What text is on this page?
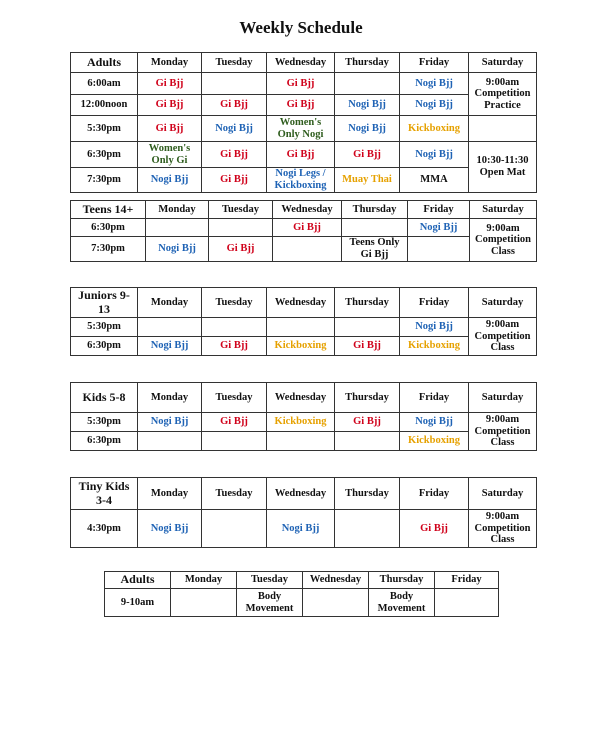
Weekly Schedule
Adults	Monday	Tuesday	Wednesday	Thursday	Friday	Saturday
6:00am	Gi Bjj		Gi Bjj		Nogi Bjj	9:00am Competition Practice
12:00noon	Gi Bjj	Gi Bjj	Gi Bjj	Nogi Bjj	Nogi Bjj	
5:30pm	Gi Bjj	Nogi Bjj	Women's Only Nogi	Nogi Bjj	Kickboxing	
6:30pm	Women's Only Gi	Gi Bjj	Gi Bjj	Gi Bjj	Nogi Bjj	10:30-11:30 Open Mat
7:30pm	Nogi Bjj	Gi Bjj	Nogi Legs / Kickboxing	Muay Thai	MMA	
Teens 14+	Monday	Tuesday	Wednesday	Thursday	Friday	Saturday
6:30pm			Gi Bjj		Nogi Bjj	9:00am Competition Class
7:30pm	Nogi Bjj	Gi Bjj		Teens Only Gi Bjj		
Juniors 9-13	Monday	Tuesday	Wednesday	Thursday	Friday	Saturday
5:30pm					Nogi Bjj	9:00am Competition Class
6:30pm	Nogi Bjj	Gi Bjj	Kickboxing	Gi Bjj	Kickboxing	
Kids 5-8	Monday	Tuesday	Wednesday	Thursday	Friday	Saturday
5:30pm	Nogi Bjj	Gi Bjj	Kickboxing	Gi Bjj	Nogi Bjj	9:00am Competition Class
6:30pm					Kickboxing	
Tiny Kids 3-4	Monday	Tuesday	Wednesday	Thursday	Friday	Saturday
4:30pm	Nogi Bjj		Nogi Bjj		Gi Bjj	9:00am Competition Class
Adults	Monday	Tuesday	Wednesday	Thursday	Friday
9-10am		Body Movement		Body Movement	
